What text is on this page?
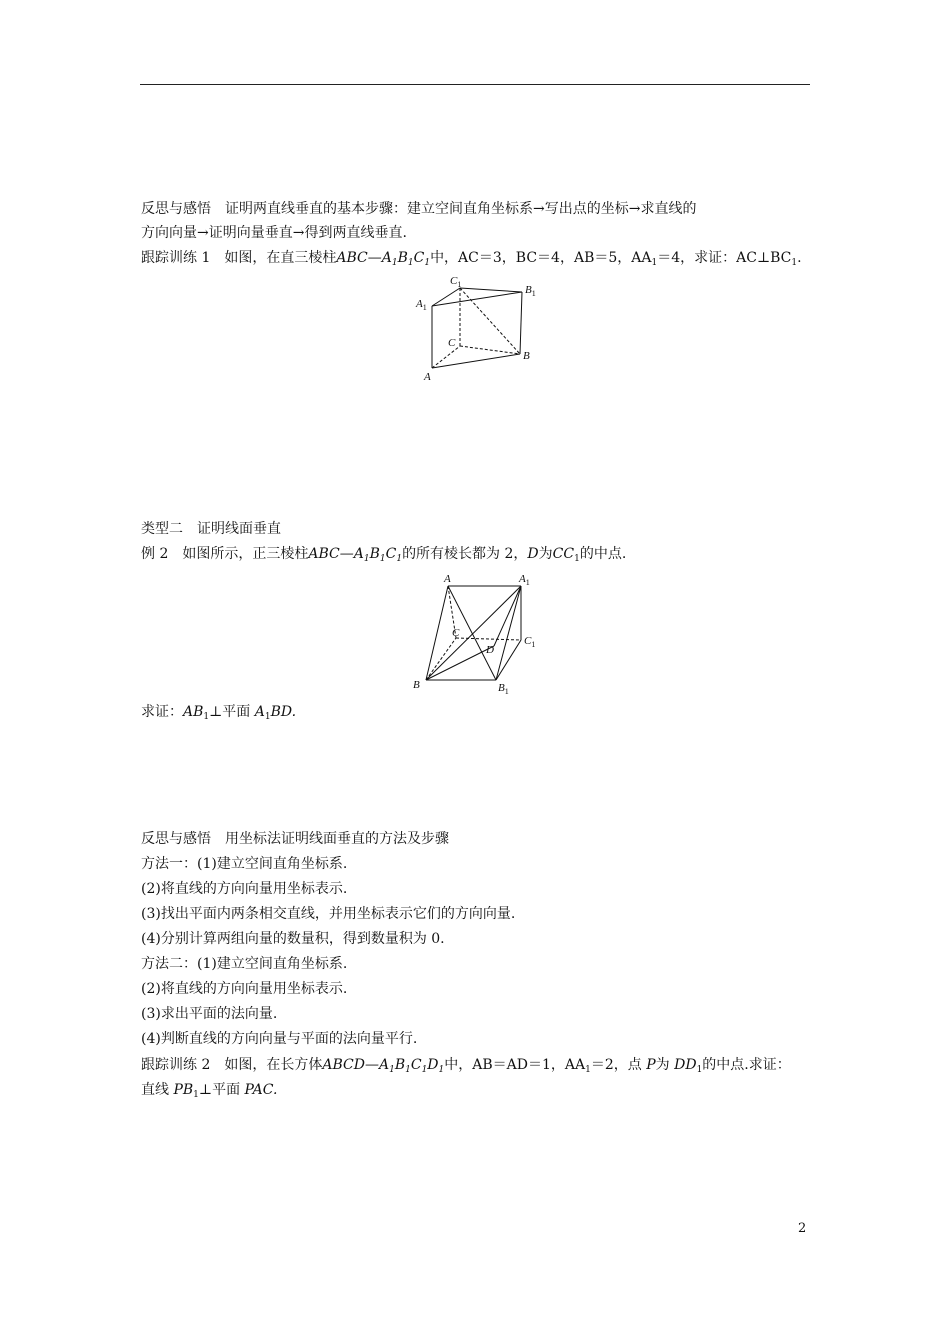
反思与感悟　 证明两直线垂直的基本步骤：建立空间直角坐标系→写出点的坐标→求直线的
方向向量→证明向量垂直→得到两直线垂直.
跟踪训练 1　 如图，在直三棱柱$ABC—A_1B_1C_1$中，AC＝3，BC＝4，AB＝5，$AA_1=4$，求证：$AC\perp BC_1$.
$A_1$
$C_1$	$B_1$
C
B
A
类型二　证明线面垂直
例 2　 如图所示，正三棱柱$ABC—A_1B_1C_1$的所有棱长都为 2，D为$CC_1$的中点.
A	$A_1$
C
$C_1$
D
B	$B_1$
求证：$AB_1\perp$平面 $A_1BD$.
反思与感悟　 用坐标法证明线面垂直的方法及步骤
方法一：(1)建立空间直角坐标系.
(2)将直线的方向向量用坐标表示.
(3)找出平面内两条相交直线，并用坐标表示它们的方向向量.
(4)分别计算两组向量的数量积，得到数量积为 0.
方法二：(1)建立空间直角坐标系.
(2)将直线的方向向量用坐标表示.
(3)求出平面的法向量.
(4)判断直线的方向向量与平面的法向量平行.
跟踪训练 2　 如图，在长方体$ABCD—A_1B_1C_1D_1$中，AB＝AD＝1，$AA_1=2$，点 P为 $DD_1$的中点.求证：
直线 $PB_1\perp$平面 PAC.
2
